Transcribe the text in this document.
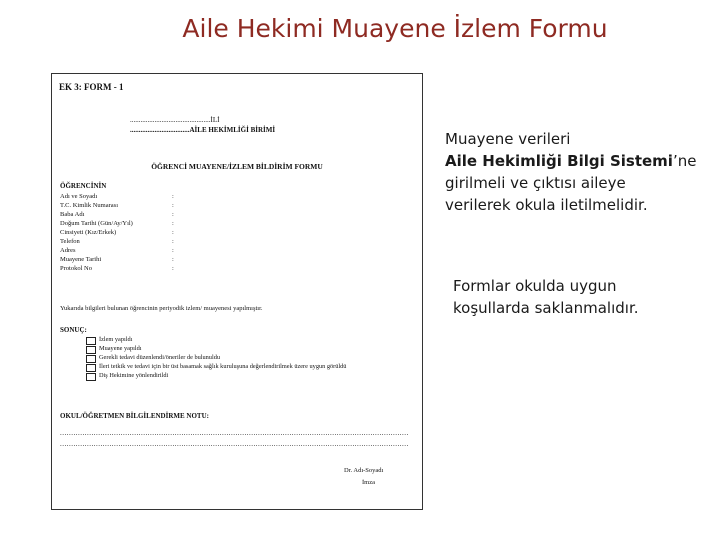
Aile Hekimi Muayene İzlem Formu
EK 3: FORM - 1
..............................................İLİ
..................................AİLE HEKİMLİĞİ BİRİMİ
ÖĞRENCİ MUAYENE/İZLEM BİLDİRİM FORMU
ÖĞRENCİNİN
Adı ve Soyadı	:
T.C. Kimlik Numarası	:
Baba Adı	:
Doğum Tarihi (Gün/Ay/Yıl)	:
Cinsiyeti (Kız/Erkek)	:
Telefon	:
Adres	:
Muayene Tarihi	:
Protokol No	:
Yukarıda bilgileri bulunan öğrencinin periyodik izlem/ muayenesi yapılmıştır.
SONUÇ:
İzlem yapıldı
Muayene yapıldı
Gerekli tedavi düzenlendi/öneriler de bulunuldu
İleri tetkik ve tedavi için bir üst basamak sağlık kuruluşuna değerlendirilmek üzere uygun görüldü
Diş Hekimine yönlendirildi
OKUL/ÖĞRETMEN BİLGİLENDİRME NOTU:
...........................................................................................................................................................
...........................................................................................................................................................
Dr. Adı-Soyadı
İmza
Muayene verileri
Aile Hekimliği Bilgi Sistemi’ne
girilmeli ve çıktısı aileye
verilerek okula iletilmelidir.
Formlar okulda uygun
koşullarda saklanmalıdır.
